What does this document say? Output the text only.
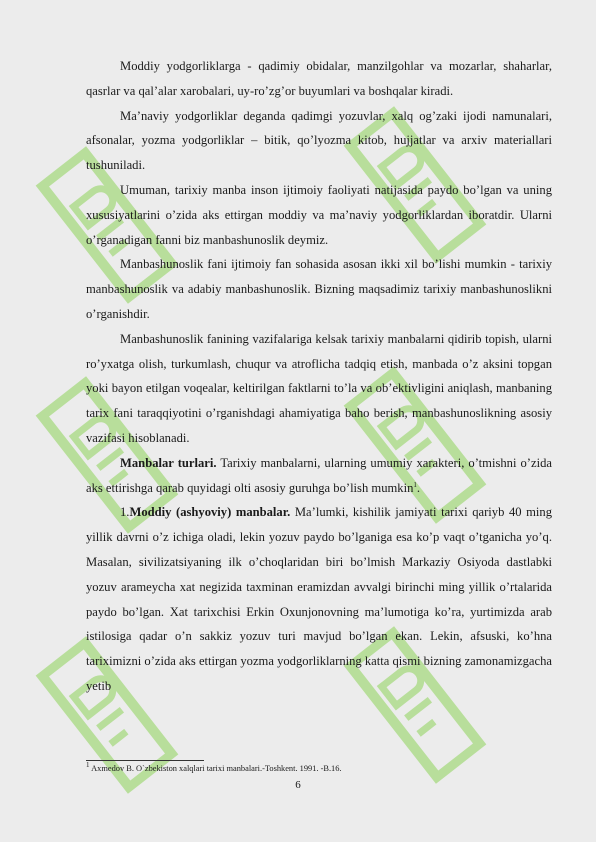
Moddiy yodgorliklarga - qadimiy obidalar, manzilgohlar va mozarlar, shaharlar, qasrlar va qal’alar xarobalari, uy-ro’zg’or buyumlari va boshqalar kiradi.

Ma’naviy yodgorliklar deganda qadimgi yozuvlar, xalq og’zaki ijodi namunalari, afsonalar, yozma yodgorliklar – bitik, qo’lyozma kitob, hujjatlar va arxiv materiallari tushuniladi.

Umuman, tarixiy manba inson ijtimoiy faoliyati natijasida paydo bo’lgan va uning xususiyatlarini o’zida aks ettirgan moddiy va ma’naviy yodgorliklardan iboratdir. Ularni o’rganadigan fanni biz manbashunoslik deymiz.

Manbashunoslik fani ijtimoiy fan sohasida asosan ikki xil bo’lishi mumkin - tarixiy manbashunoslik va adabiy manbashunoslik. Bizning maqsadimiz tarixiy manbashunoslikni o’rganishdir.

Manbashunoslik fanining vazifalariga kelsak tarixiy manbalarni qidirib topish, ularni ro’yxatga olish, turkumlash, chuqur va atroflicha tadqiq etish, manbada o’z aksini topgan yoki bayon etilgan voqealar, keltirilgan faktlarni to’la va ob’ektivligini aniqlash, manbaning tarix fani taraqqiyotini o’rganishdagi ahamiyatiga baho berish, manbashunoslikning asosiy vazifasi hisoblanadi.

Manbalar turlari. Tarixiy manbalarni, ularning umumiy xarakteri, o’tmishni o’zida aks ettirishga qarab quyidagi olti asosiy guruhga bo’lish mumkin$^1$.

1.Moddiy (ashyoviy) manbalar. Ma’lumki, kishilik jamiyati tarixi qariyb 40 ming yillik davrni o’z ichiga oladi, lekin yozuv paydo bo’lganiga esa ko’p vaqt o’tganicha yo’q. Masalan, sivilizatsiyaning ilk o’choqlaridan biri bo’lmish Markaziy Osiyoda dastlabki yozuv arameycha xat negizida taxminan eramizdan avvalgi birinchi ming yillik o’rtalarida paydo bo’lgan. Xat tarixchisi Erkin Oxunjonovning ma’lumotiga ko’ra, yurtimizda arab istilosiga qadar o’n sakkiz yozuv turi mavjud bo’lgan ekan. Lekin, afsuski, ko’hna tariximizni o’zida aks ettirgan yozma yodgorliklarning katta qismi bizning zamonamizgacha yetib

$^1$ Axmedov B. O`zbekiston xalqlari tarixi manbalari.-Toshkent. 1991. -B.16.
6
